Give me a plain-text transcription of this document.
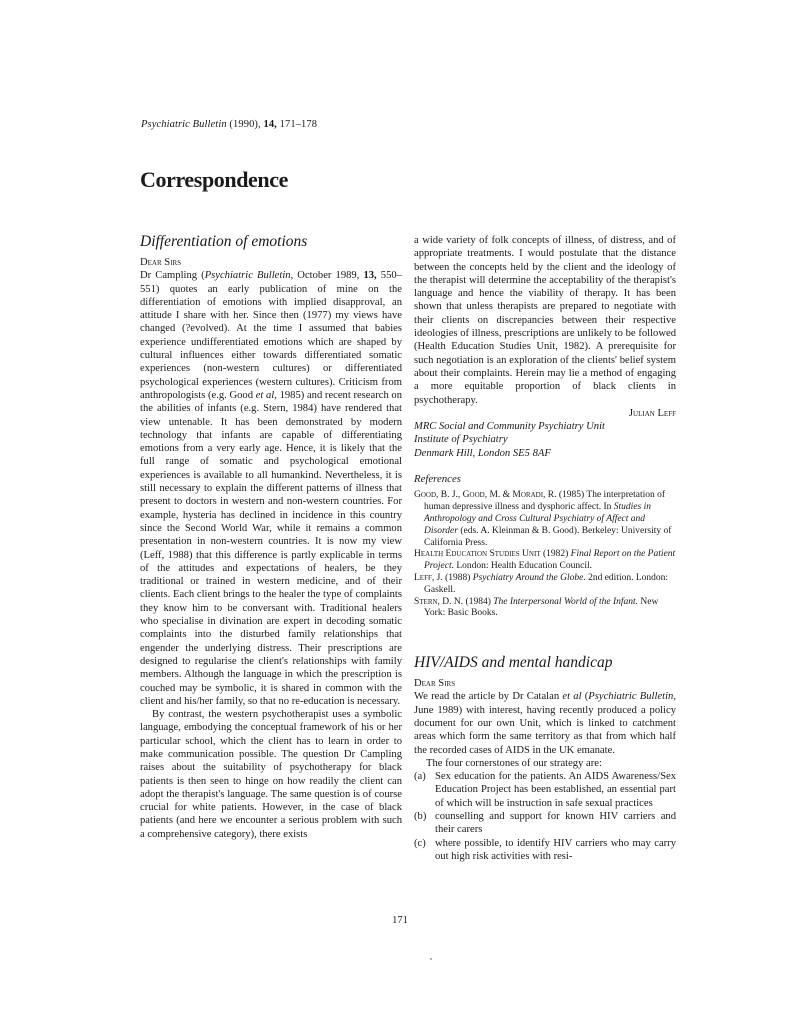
Psychiatric Bulletin (1990), 14, 171–178
Correspondence
Differentiation of emotions
Dear Sirs

Dr Campling (Psychiatric Bulletin, October 1989, 13, 550–551) quotes an early publication of mine on the differentiation of emotions with implied disapproval, an attitude I share with her. Since then (1977) my views have changed (?evolved). At the time I assumed that babies experience undifferentiated emotions which are shaped by cultural influences either towards differentiated somatic experiences (non-western cultures) or differentiated psychological experiences (western cultures). Criticism from anthropologists (e.g. Good et al, 1985) and recent research on the abilities of infants (e.g. Stern, 1984) have rendered that view untenable. It has been demonstrated by modern technology that infants are capable of differentiating emotions from a very early age. Hence, it is likely that the full range of somatic and psychological emotional experiences is available to all humankind. Nevertheless, it is still necessary to explain the different patterns of illness that present to doctors in western and non-western countries. For example, hysteria has declined in incidence in this country since the Second World War, while it remains a common presentation in non-western countries. It is now my view (Leff, 1988) that this difference is partly explicable in terms of the attitudes and expectations of healers, be they traditional or trained in western medicine, and of their clients. Each client brings to the healer the type of complaints they know him to be conversant with. Traditional healers who specialise in divination are expert in decoding somatic complaints into the disturbed family relationships that engender the underlying distress. Their prescriptions are designed to regularise the client's relationships with family members. Although the language in which the prescription is couched may be symbolic, it is shared in common with the client and his/her family, so that no re-education is necessary.

By contrast, the western psychotherapist uses a symbolic language, embodying the conceptual framework of his or her particular school, which the client has to learn in order to make communication possible. The question Dr Campling raises about the suitability of psychotherapy for black patients is then seen to hinge on how readily the client can adopt the therapist's language. The same question is of course crucial for white patients. However, in the case of black patients (and here we encounter a serious problem with such a comprehensive category), there exists

a wide variety of folk concepts of illness, of distress, and of appropriate treatments. I would postulate that the distance between the concepts held by the client and the ideology of the therapist will determine the acceptability of the therapist's language and hence the viability of therapy. It has been shown that unless therapists are prepared to negotiate with their clients on discrepancies between their respective ideologies of illness, prescriptions are unlikely to be followed (Health Education Studies Unit, 1982). A prerequisite for such negotiation is an exploration of the clients' belief system about their complaints. Herein may lie a method of engaging a more equitable proportion of black clients in psychotherapy.

Julian Leff
MRC Social and Community Psychiatry Unit
Institute of Psychiatry
Denmark Hill, London SE5 8AF
References

Good, B. J., Good, M. & Moradi, R. (1985) The interpretation of human depressive illness and dysphoric affect. In Studies in Anthropology and Cross Cultural Psychiatry of Affect and Disorder (eds. A. Kleinman & B. Good). Berkeley: University of California Press.

Health Education Studies Unit (1982) Final Report on the Patient Project. London: Health Education Council.

Leff, J. (1988) Psychiatry Around the Globe. 2nd edition. London: Gaskell.

Stern, D. N. (1984) The Interpersonal World of the Infant. New York: Basic Books.

HIV/AIDS and mental handicap
Dear Sirs

We read the article by Dr Catalan et al (Psychiatric Bulletin, June 1989) with interest, having recently produced a policy document for our own Unit, which is linked to catchment areas which form the same territory as that from which half the recorded cases of AIDS in the UK emanate.

The four cornerstones of our strategy are:

(a) Sex education for the patients. An AIDS Awareness/Sex Education Project has been established, an essential part of which will be instruction in safe sexual practices
(b) counselling and support for known HIV carriers and their carers
(c) where possible, to identify HIV carriers who may carry out high risk activities with resi-
171
